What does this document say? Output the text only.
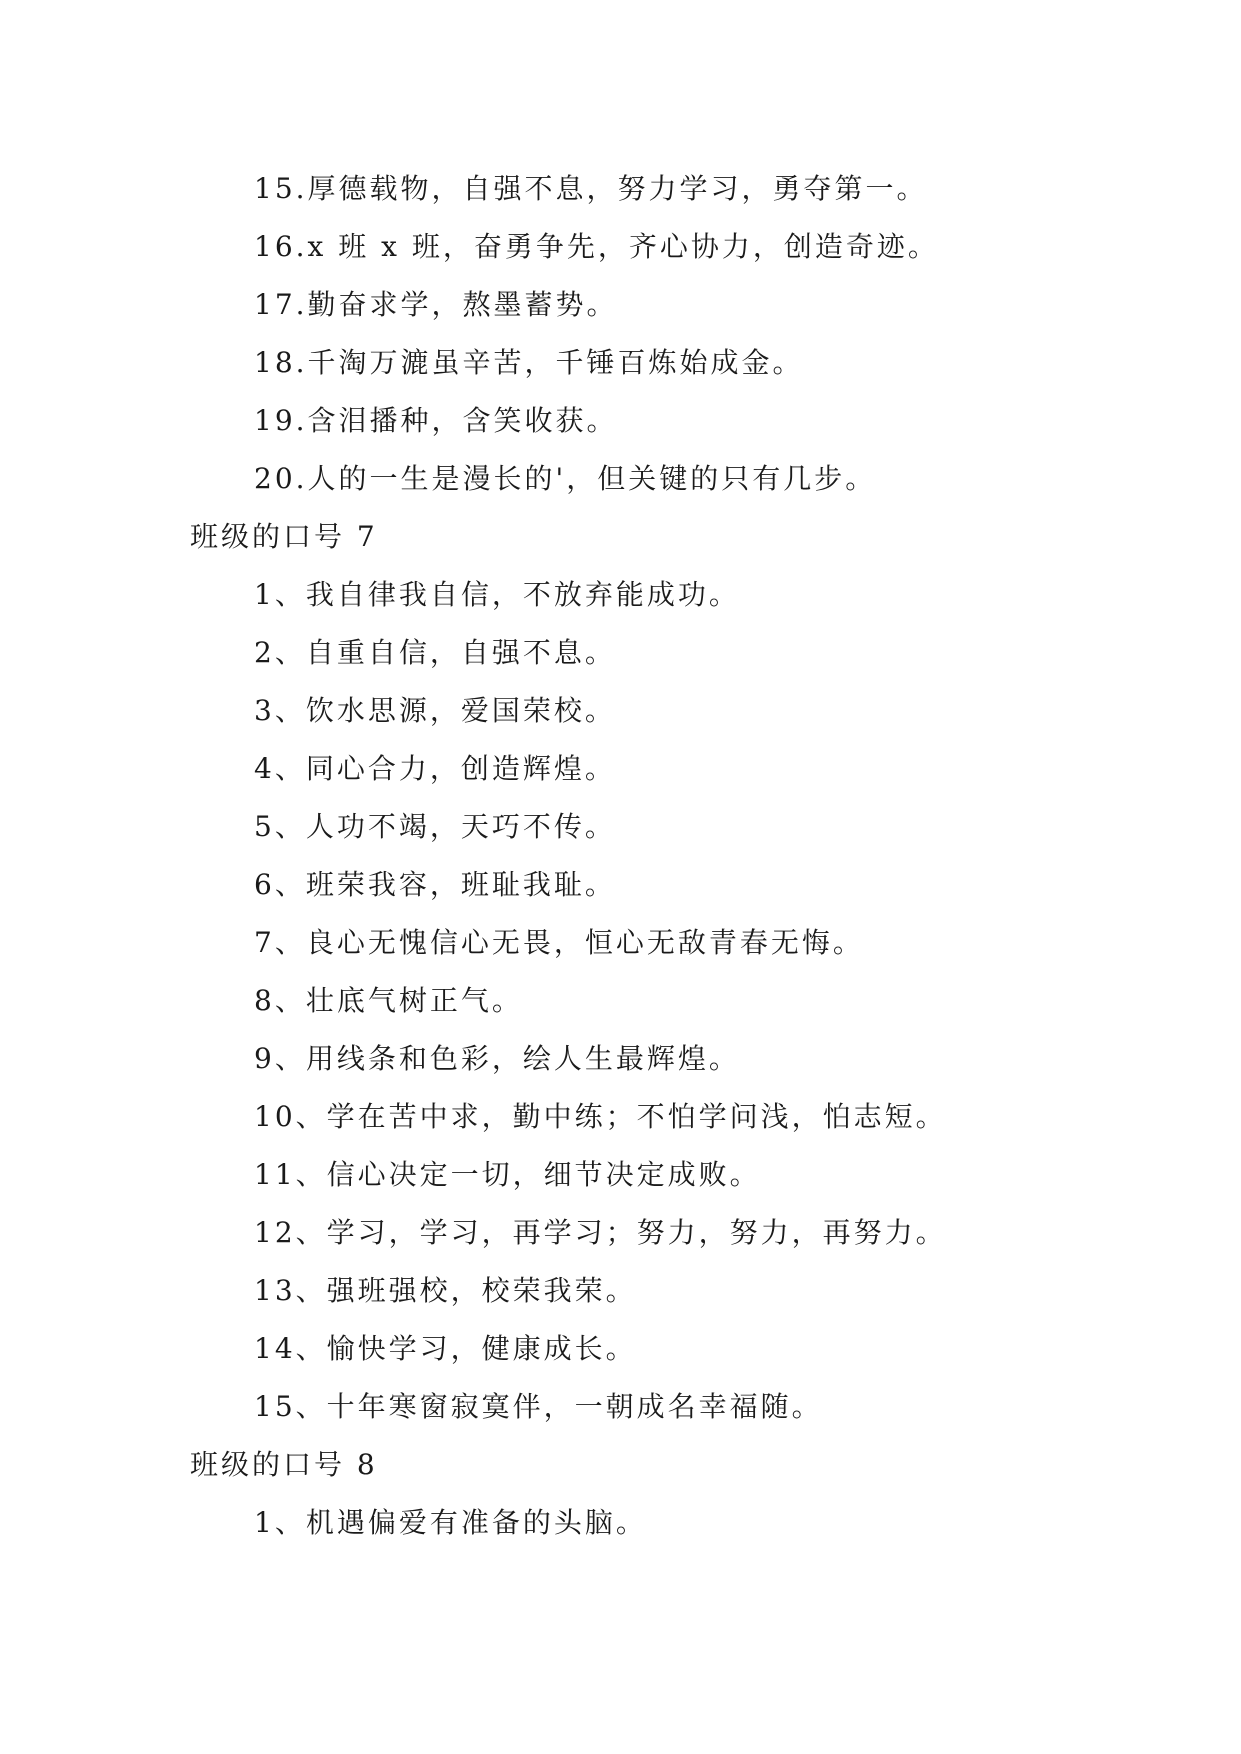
15.厚德载物，自强不息，努力学习，勇夺第一。
16.x 班 x 班，奋勇争先，齐心协力，创造奇迹。
17.勤奋求学，熬墨蓄势。
18.千淘万漉虽辛苦，千锤百炼始成金。
19.含泪播种，含笑收获。
20.人的一生是漫长的'，但关键的只有几步。
班级的口号 7
1、我自律我自信，不放弃能成功。
2、自重自信，自强不息。
3、饮水思源，爱国荣校。
4、同心合力，创造辉煌。
5、人功不竭，天巧不传。
6、班荣我容，班耻我耻。
7、良心无愧信心无畏，恒心无敌青春无悔。
8、壮底气树正气。
9、用线条和色彩，绘人生最辉煌。
10、学在苦中求，勤中练；不怕学问浅，怕志短。
11、信心决定一切，细节决定成败。
12、学习，学习，再学习；努力，努力，再努力。
13、强班强校，校荣我荣。
14、愉快学习，健康成长。
15、十年寒窗寂寞伴，一朝成名幸福随。
班级的口号 8
1、机遇偏爱有准备的头脑。
